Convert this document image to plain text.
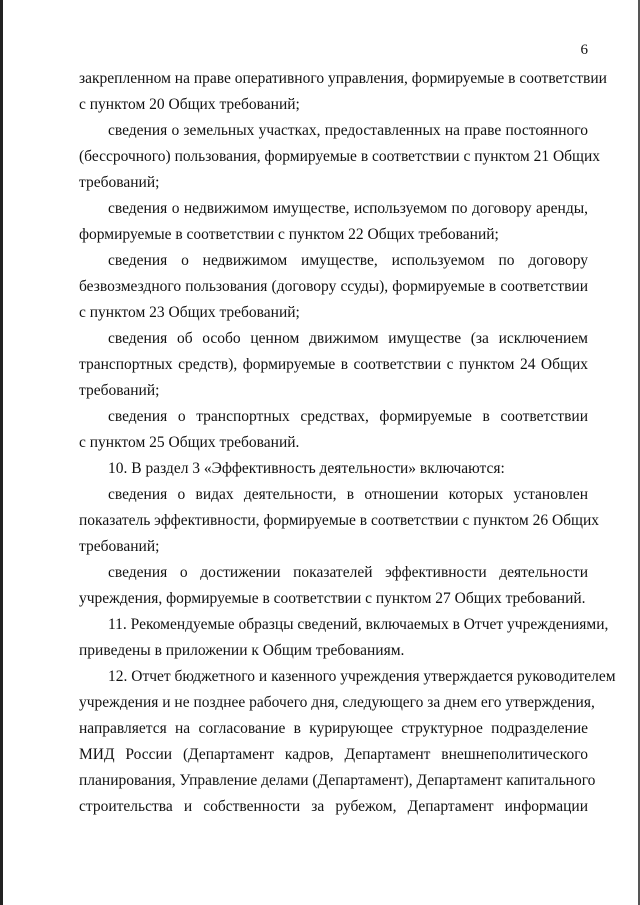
6
закрепленном на праве оперативного управления, формируемые в соответствии
с пунктом 20 Общих требований;
сведения о земельных участках, предоставленных на праве постоянного
(бессрочного) пользования, формируемые в соответствии с пунктом 21 Общих
требований;
сведения о недвижимом имуществе, используемом по договору аренды,
формируемые в соответствии с пунктом 22 Общих требований;
сведения о недвижимом имуществе, используемом по договору
безвозмездного пользования (договору ссуды), формируемые в соответствии
с пунктом 23 Общих требований;
сведения об особо ценном движимом имуществе (за исключением
транспортных средств), формируемые в соответствии с пунктом 24 Общих
требований;
сведения о транспортных средствах, формируемые в соответствии
с пунктом 25 Общих требований.
10. В раздел 3 «Эффективность деятельности» включаются:
сведения о видах деятельности, в отношении которых установлен
показатель эффективности, формируемые в соответствии с пунктом 26 Общих
требований;
сведения о достижении показателей эффективности деятельности
учреждения, формируемые в соответствии с пунктом 27 Общих требований.
11. Рекомендуемые образцы сведений, включаемых в Отчет учреждениями,
приведены в приложении к Общим требованиям.
12. Отчет бюджетного и казенного учреждения утверждается руководителем
учреждения и не позднее рабочего дня, следующего за днем его утверждения,
направляется на согласование в курирующее структурное подразделение
МИД России (Департамент кадров, Департамент внешнеполитического
планирования, Управление делами (Департамент), Департамент капитального
строительства и собственности за рубежом, Департамент информации
